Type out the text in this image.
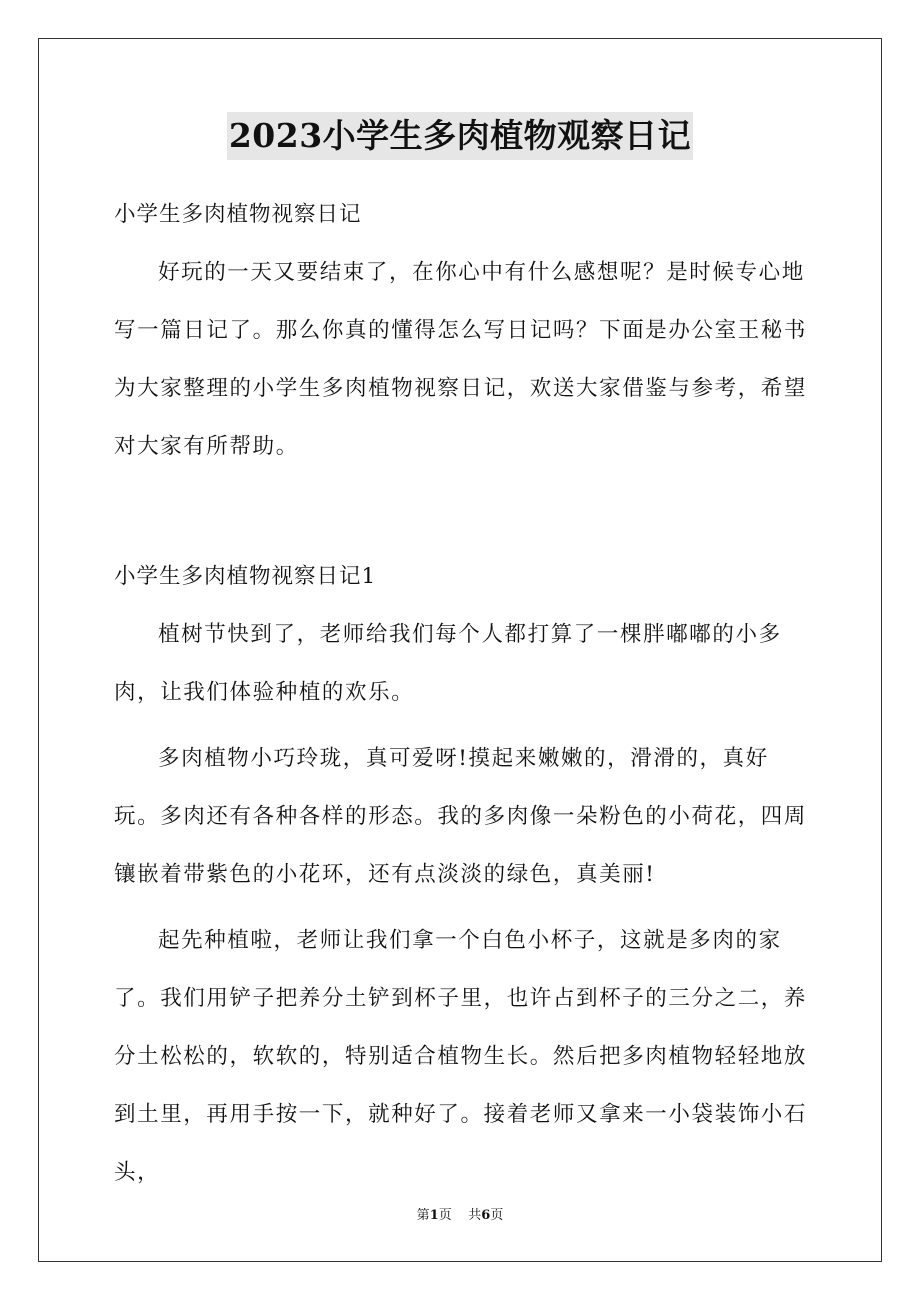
2023小学生多肉植物观察日记

小学生多肉植物视察日记

好玩的一天又要结束了，在你心中有什么感想呢？是时候专心地写一篇日记了。那么你真的懂得怎么写日记吗？下面是办公室王秘书为大家整理的小学生多肉植物视察日记，欢送大家借鉴与参考，希望对大家有所帮助。

小学生多肉植物视察日记1

植树节快到了，老师给我们每个人都打算了一棵胖嘟嘟的小多肉，让我们体验种植的欢乐。

多肉植物小巧玲珑，真可爱呀!摸起来嫩嫩的，滑滑的，真好玩。多肉还有各种各样的形态。我的多肉像一朵粉色的小荷花，四周镶嵌着带紫色的小花环，还有点淡淡的绿色，真美丽!

起先种植啦，老师让我们拿一个白色小杯子，这就是多肉的家了。我们用铲子把养分土铲到杯子里，也许占到杯子的三分之二，养分土松松的，软软的，特别适合植物生长。然后把多肉植物轻轻地放到土里，再用手按一下，就种好了。接着老师又拿来一小袋装饰小石头，

第1页    共6页
